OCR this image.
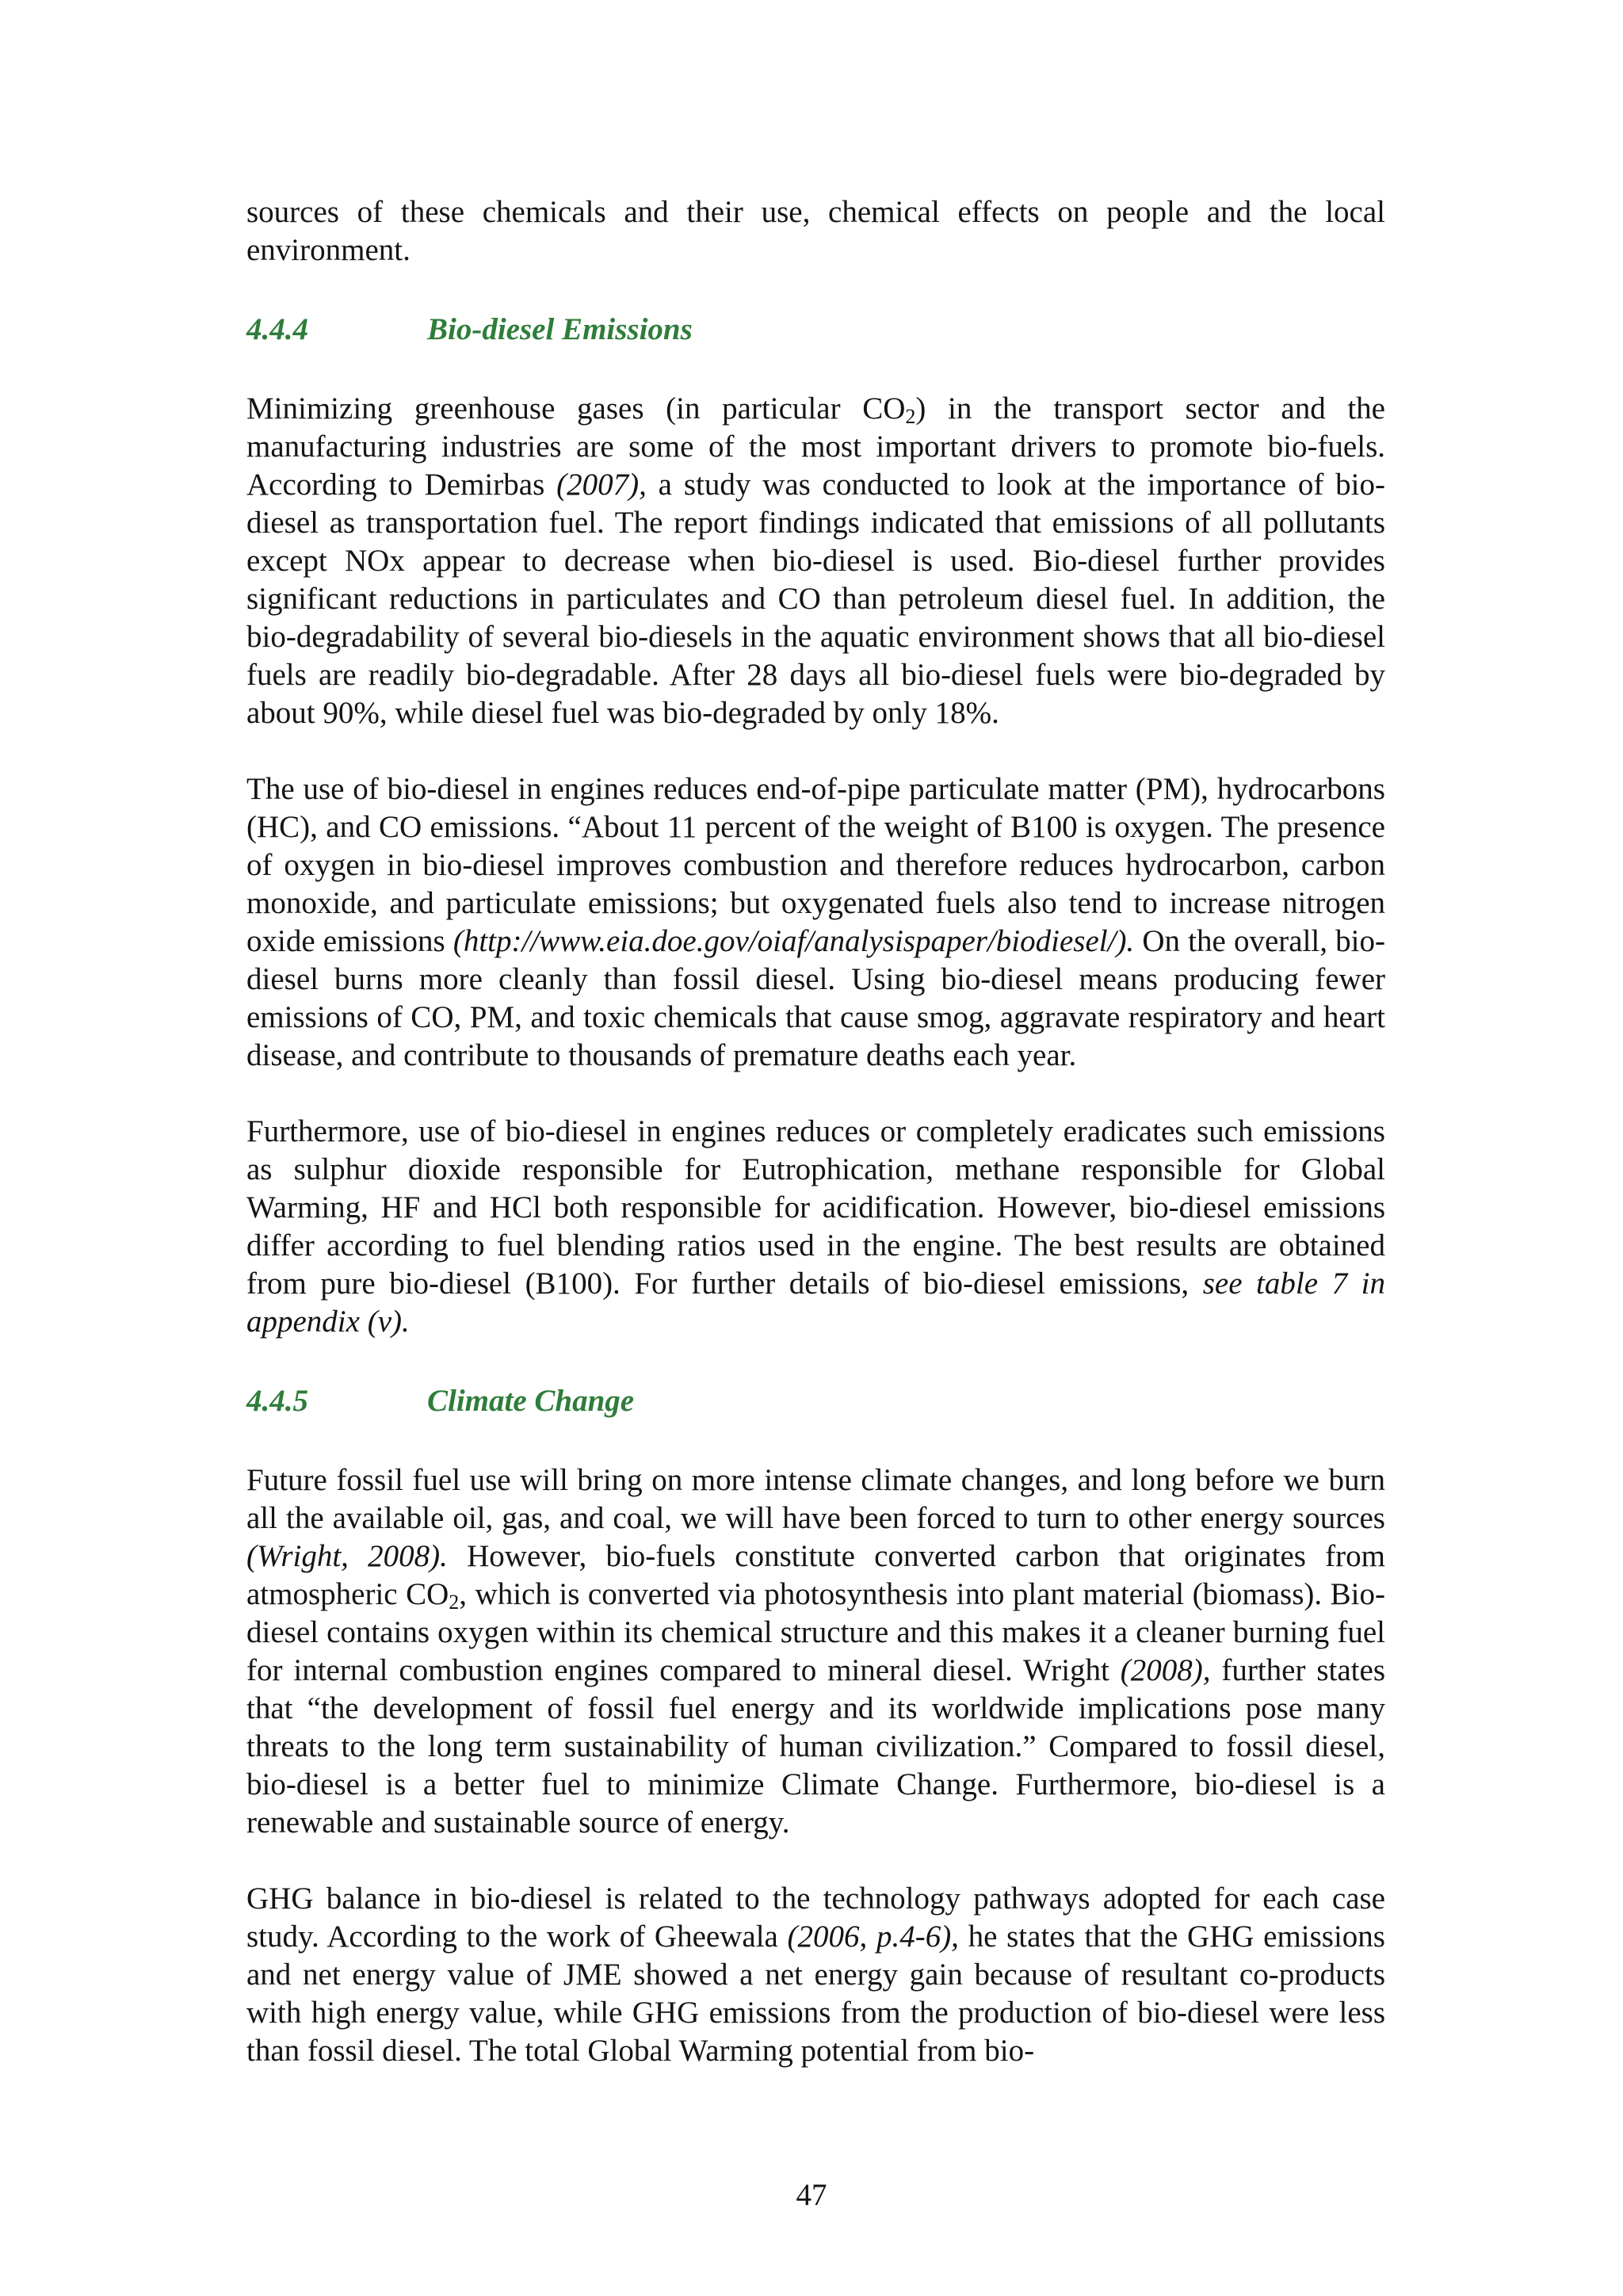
sources of these chemicals and their use, chemical effects on people and the local environment.

4.4.4	Bio-diesel Emissions

Minimizing greenhouse gases (in particular $CO_2$) in the transport sector and the manufacturing industries are some of the most important drivers to promote bio-fuels. According to Demirbas (2007), a study was conducted to look at the importance of bio-diesel as transportation fuel. The report findings indicated that emissions of all pollutants except NOx appear to decrease when bio-diesel is used. Bio-diesel further provides significant reductions in particulates and CO than petroleum diesel fuel. In addition, the bio-degradability of several bio-diesels in the aquatic environment shows that all bio-diesel fuels are readily bio-degradable. After 28 days all bio-diesel fuels were bio-degraded by about 90%, while diesel fuel was bio-degraded by only 18%.

The use of bio-diesel in engines reduces end-of-pipe particulate matter (PM), hydrocarbons (HC), and CO emissions. “About 11 percent of the weight of B100 is oxygen. The presence of oxygen in bio-diesel improves combustion and therefore reduces hydrocarbon, carbon monoxide, and particulate emissions; but oxygenated fuels also tend to increase nitrogen oxide emissions (http://www.eia.doe.gov/oiaf/analysispaper/biodiesel/). On the overall, bio-diesel burns more cleanly than fossil diesel. Using bio-diesel means producing fewer emissions of CO, PM, and toxic chemicals that cause smog, aggravate respiratory and heart disease, and contribute to thousands of premature deaths each year.

Furthermore, use of bio-diesel in engines reduces or completely eradicates such emissions as sulphur dioxide responsible for Eutrophication, methane responsible for Global Warming, HF and HCl both responsible for acidification. However, bio-diesel emissions differ according to fuel blending ratios used in the engine. The best results are obtained from pure bio-diesel (B100). For further details of bio-diesel emissions, see table 7 in appendix (v).

4.4.5	Climate Change

Future fossil fuel use will bring on more intense climate changes, and long before we burn all the available oil, gas, and coal, we will have been forced to turn to other energy sources (Wright, 2008). However, bio-fuels constitute converted carbon that originates from atmospheric $CO_2$, which is converted via photosynthesis into plant material (biomass). Bio-diesel contains oxygen within its chemical structure and this makes it a cleaner burning fuel for internal combustion engines compared to mineral diesel. Wright (2008), further states that “the development of fossil fuel energy and its worldwide implications pose many threats to the long term sustainability of human civilization.” Compared to fossil diesel, bio-diesel is a better fuel to minimize Climate Change. Furthermore, bio-diesel is a renewable and sustainable source of energy.

GHG balance in bio-diesel is related to the technology pathways adopted for each case study. According to the work of Gheewala (2006, p.4-6), he states that the GHG emissions and net energy value of JME showed a net energy gain because of resultant co-products with high energy value, while GHG emissions from the production of bio-diesel were less than fossil diesel. The total Global Warming potential from bio-

47
